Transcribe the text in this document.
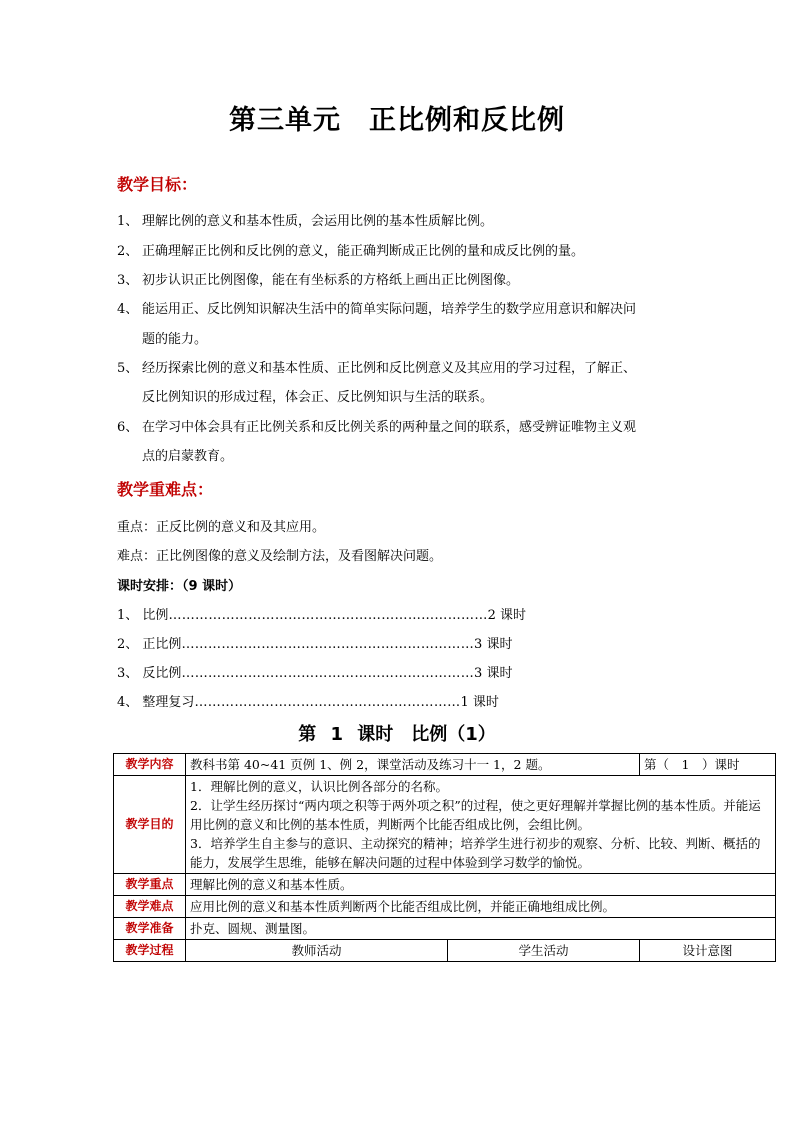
第三单元　正比例和反比例
教学目标：
1、 理解比例的意义和基本性质，会运用比例的基本性质解比例。
2、 正确理解正比例和反比例的意义，能正确判断成正比例的量和成反比例的量。
3、 初步认识正比例图像，能在有坐标系的方格纸上画出正比例图像。
4、 能运用正、反比例知识解决生活中的简单实际问题，培养学生的数学应用意识和解决问
题的能力。
5、 经历探索比例的意义和基本性质、正比例和反比例意义及其应用的学习过程，了解正、
反比例知识的形成过程，体会正、反比例知识与生活的联系。
6、 在学习中体会具有正比例关系和反比例关系的两种量之间的联系，感受辨证唯物主义观
点的启蒙教育。
教学重难点：
重点：正反比例的意义和及其应用。
难点：正比例图像的意义及绘制方法，及看图解决问题。
课时安排：（9 课时）
1、 比例………………………………………………………………2 课时
2、 正比例…………………………………………………………3 课时
3、 反比例…………………………………………………………3 课时
4、 整理复习……………………………………………………1 课时
第 1 课时　比例（1）
教学内容	教科书第 40~41 页例 1、例 2，课堂活动及练习十一 1，2 题。		第（　1　）课时
教学目的	1．理解比例的意义，认识比例各部分的名称。
2．让学生经历探讨“两内项之积等于两外项之积”的过程，使之更好理解并掌握比例的基本性质。并能运用比例的意义和比例的基本性质，判断两个比能否组成比例，会组比例。
3．培养学生自主参与的意识、主动探究的精神；培养学生进行初步的观察、分析、比较、判断、概括的能力，发展学生思维，能够在解决问题的过程中体验到学习数学的愉悦。		

教学重点	理解比例的意义和基本性质。		
教学难点	应用比例的意义和基本性质判断两个比能否组成比例，并能正确地组成比例。		
教学准备	扑克、圆规、测量图。		
教学过程	教师活动	学生活动	设计意图
